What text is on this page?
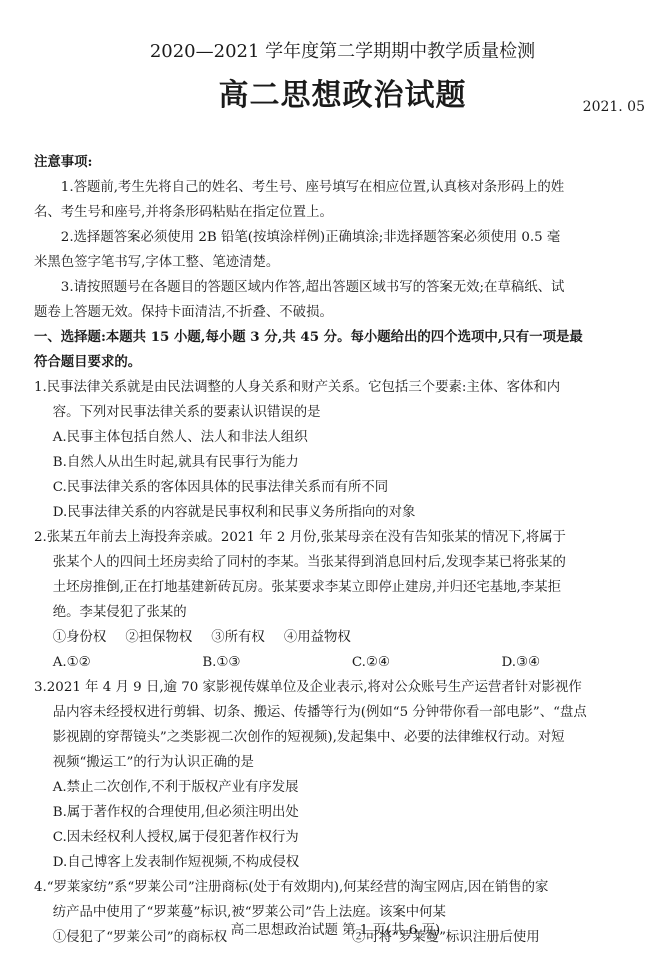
2020—2021 学年度第二学期期中教学质量检测
高二思想政治试题	2021. 05
注意事项:
1.答题前,考生先将自己的姓名、考生号、座号填写在相应位置,认真核对条形码上的姓
名、考生号和座号,并将条形码粘贴在指定位置上。
2.选择题答案必须使用 2B 铅笔(按填涂样例)正确填涂;非选择题答案必须使用 0.5 毫
米黑色签字笔书写,字体工整、笔迹清楚。
3.请按照题号在各题目的答题区域内作答,超出答题区域书写的答案无效;在草稿纸、试
题卷上答题无效。保持卡面清洁,不折叠、不破损。
一、选择题:本题共 15 小题,每小题 3 分,共 45 分。每小题给出的四个选项中,只有一项是最
符合题目要求的。
1.民事法律关系就是由民法调整的人身关系和财产关系。它包括三个要素:主体、客体和内
容。下列对民事法律关系的要素认识错误的是
A.民事主体包括自然人、法人和非法人组织
B.自然人从出生时起,就具有民事行为能力
C.民事法律关系的客体因具体的民事法律关系而有所不同
D.民事法律关系的内容就是民事权利和民事义务所指向的对象
2.张某五年前去上海投奔亲戚。2021 年 2 月份,张某母亲在没有告知张某的情况下,将属于
张某个人的四间土坯房卖给了同村的李某。当张某得到消息回村后,发现李某已将张某的
土坯房推倒,正在打地基建新砖瓦房。张某要求李某立即停止建房,并归还宅基地,李某拒
绝。李某侵犯了张某的
①身份权 ②担保物权 ③所有权 ④用益物权
A.①②	B.①③	C.②④	D.③④
3.2021 年 4 月 9 日,逾 70 家影视传媒单位及企业表示,将对公众账号生产运营者针对影视作
品内容未经授权进行剪辑、切条、搬运、传播等行为(例如“5 分钟带你看一部电影”、“盘点
影视剧的穿帮镜头”之类影视二次创作的短视频),发起集中、必要的法律维权行动。对短
视频“搬运工”的行为认识正确的是
A.禁止二次创作,不利于版权产业有序发展
B.属于著作权的合理使用,但必须注明出处
C.因未经权利人授权,属于侵犯著作权行为
D.自己博客上发表制作短视频,不构成侵权
4.“罗莱家纺”系“罗莱公司”注册商标(处于有效期内),何某经营的淘宝网店,因在销售的家
纺产品中使用了“罗莱蔓”标识,被“罗莱公司”告上法庭。该案中何某
①侵犯了“罗莱公司”的商标权	②可将“罗莱蔓”标识注册后使用
高二思想政治试题 第 1 页(共 6 页)
